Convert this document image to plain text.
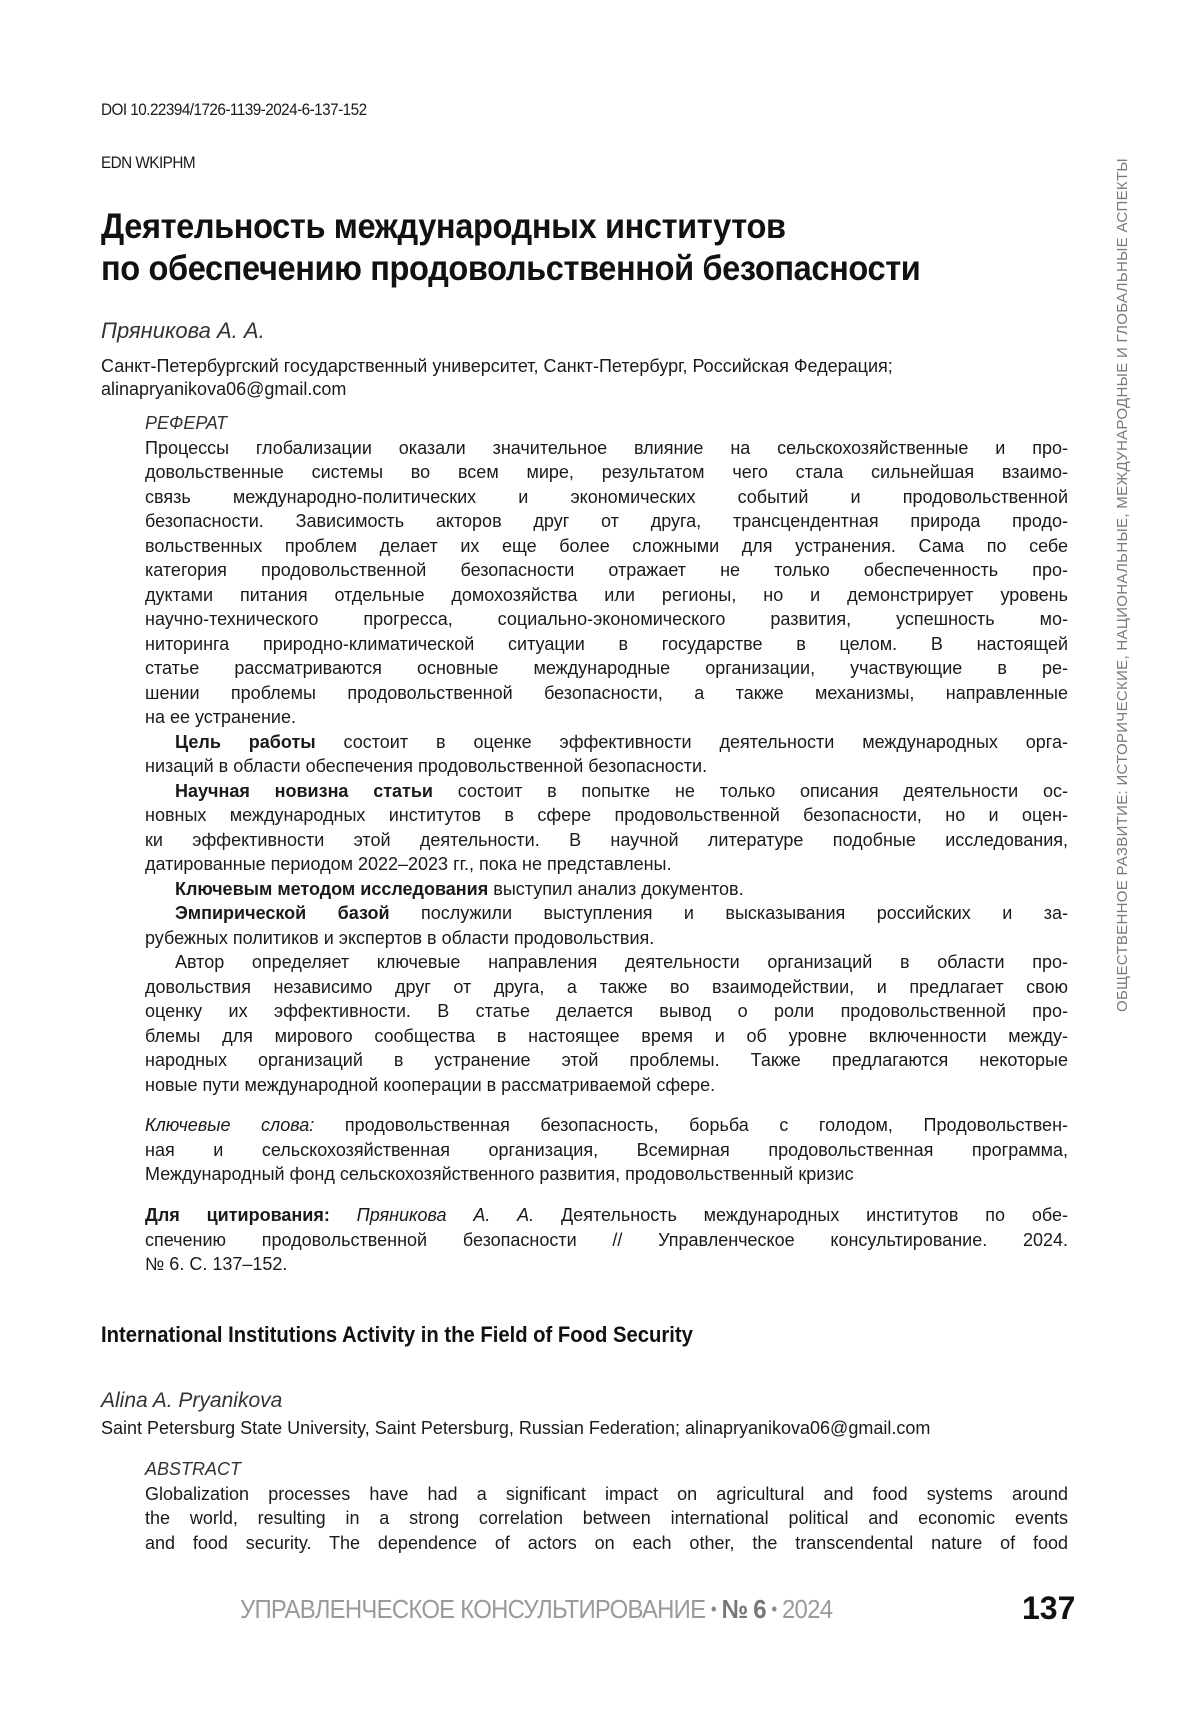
DOI 10.22394/1726-1139-2024-6-137-152
EDN WKIPHM
Деятельность международных институтов
по обеспечению продовольственной безопасности
Пряникова А. А.
Санкт-Петербургский государственный университет, Санкт-Петербург, Российская Федерация;
alinapryanikova06@gmail.com
РЕФЕРАТ
Процессы глобализации оказали значительное влияние на сельскохозяйственные и про-
довольственные системы во всем мире, результатом чего стала сильнейшая взаимо-
связь международно-политических и экономических событий и продовольственной
безопасности. Зависимость акторов друг от друга, трансцендентная природа продо-
вольственных проблем делает их еще более сложными для устранения. Сама по себе
категория продовольственной безопасности отражает не только обеспеченность про-
дуктами питания отдельные домохозяйства или регионы, но и демонстрирует уровень
научно-технического прогресса, социально-экономического развития, успешность мо-
ниторинга природно-климатической ситуации в государстве в целом. В настоящей
статье рассматриваются основные международные организации, участвующие в ре-
шении проблемы продовольственной безопасности, а также механизмы, направленные
на ее устранение.
Цель работы состоит в оценке эффективности деятельности международных орга-
низаций в области обеспечения продовольственной безопасности.
Научная новизна статьи состоит в попытке не только описания деятельности ос-
новных международных институтов в сфере продовольственной безопасности, но и оцен-
ки эффективности этой деятельности. В научной литературе подобные исследования,
датированные периодом 2022–2023 гг., пока не представлены.
Ключевым методом исследования выступил анализ документов.
Эмпирической базой послужили выступления и высказывания российских и за-
рубежных политиков и экспертов в области продовольствия.
Автор определяет ключевые направления деятельности организаций в области про-
довольствия независимо друг от друга, а также во взаимодействии, и предлагает свою
оценку их эффективности. В статье делается вывод о роли продовольственной про-
блемы для мирового сообщества в настоящее время и об уровне включенности между-
народных организаций в устранение этой проблемы. Также предлагаются некоторые
новые пути международной кооперации в рассматриваемой сфере.
Ключевые слова: продовольственная безопасность, борьба с голодом, Продовольствен-
ная и сельскохозяйственная организация, Всемирная продовольственная программа,
Международный фонд сельскохозяйственного развития, продовольственный кризис
Для цитирования: Пряникова А. А. Деятельность международных институтов по обе-
спечению продовольственной безопасности // Управленческое консультирование. 2024.
№ 6. С. 137–152.
International Institutions Activity in the Field of Food Security
Alina A. Pryanikova
Saint Petersburg State University, Saint Petersburg, Russian Federation; alinapryanikova06@gmail.com
ABSTRACT
Globalization processes have had a significant impact on agricultural and food systems around
the world, resulting in a strong correlation between international political and economic events
and food security. The dependence of actors on each other, the transcendental nature of food
ОБЩЕСТВЕННОЕ РАЗВИТИЕ: ИСТОРИЧЕСКИЕ, НАЦИОНАЛЬНЫЕ, МЕЖДУНАРОДНЫЕ И ГЛОБАЛЬНЫЕ АСПЕКТЫ
УПРАВЛЕНЧЕСКОЕ КОНСУЛЬТИРОВАНИЕ • № 6 • 2024	137
